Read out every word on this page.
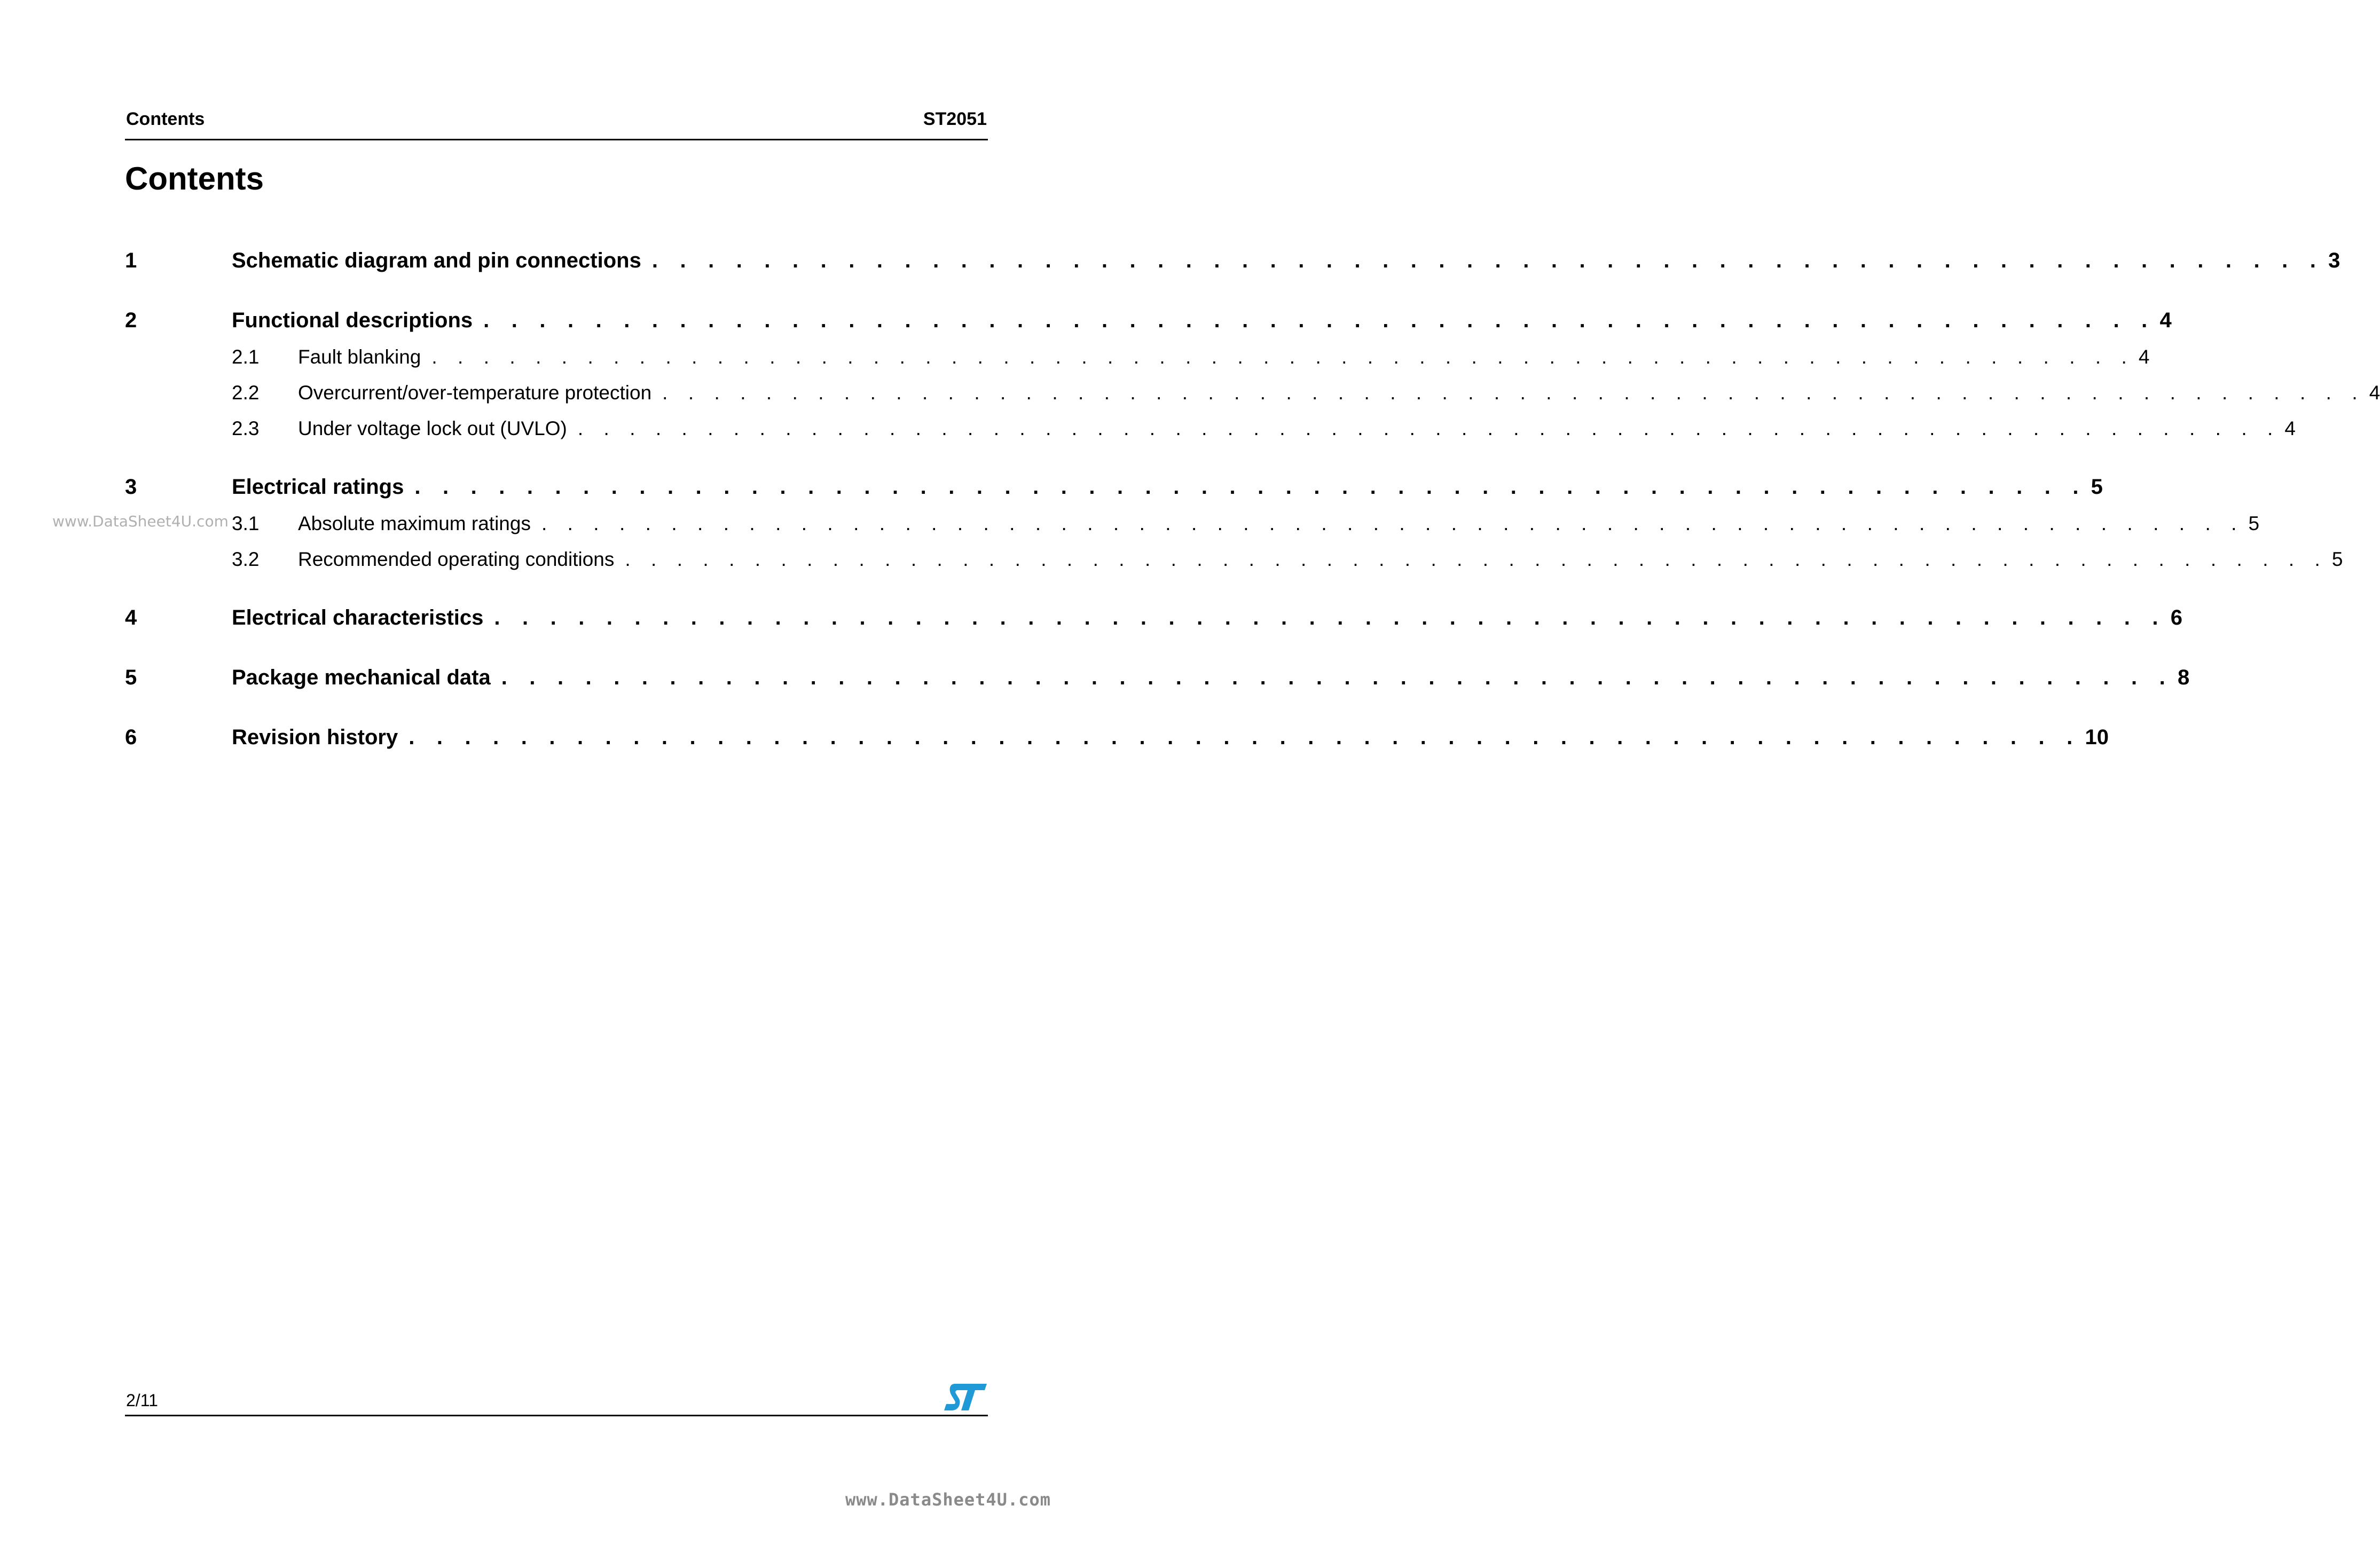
Contents	ST2051
Contents
1	Schematic diagram and pin connections . . . . . . . . . . . . . . . . . . . . . . . . . . . . . . . . . . . . . . . . . . . . . . . . . . . . . . . . . . . . 3
2	Functional descriptions . . . . . . . . . . . . . . . . . . . . . . . . . . . . . . . . . . . . . . . . . . . . . . . . . . . . . . . . . . . . 4
2.1	Fault blanking . . . . . . . . . . . . . . . . . . . . . . . . . . . . . . . . . . . . . . . . . . . . . . . . . . . . . . . . . . . . . . . . . . 4
2.2	Overcurrent/over-temperature protection . . . . . . . . . . . . . . . . . . . . . . . . . . . . . . . . . . . . . . . . . . . . . . . . . . . . . . . . . . . . . . . . . . 4
2.3	Under voltage lock out (UVLO) . . . . . . . . . . . . . . . . . . . . . . . . . . . . . . . . . . . . . . . . . . . . . . . . . . . . . . . . . . . . . . . . . . 4
3	Electrical ratings . . . . . . . . . . . . . . . . . . . . . . . . . . . . . . . . . . . . . . . . . . . . . . . . . . . . . . . . . . . . 5
3.1	Absolute maximum ratings . . . . . . . . . . . . . . . . . . . . . . . . . . . . . . . . . . . . . . . . . . . . . . . . . . . . . . . . . . . . . . . . . . 5
3.2	Recommended operating conditions . . . . . . . . . . . . . . . . . . . . . . . . . . . . . . . . . . . . . . . . . . . . . . . . . . . . . . . . . . . . . . . . . . 5
4	Electrical characteristics . . . . . . . . . . . . . . . . . . . . . . . . . . . . . . . . . . . . . . . . . . . . . . . . . . . . . . . . . . . . 6
5	Package mechanical data . . . . . . . . . . . . . . . . . . . . . . . . . . . . . . . . . . . . . . . . . . . . . . . . . . . . . . . . . . . . 8
6	Revision history . . . . . . . . . . . . . . . . . . . . . . . . . . . . . . . . . . . . . . . . . . . . . . . . . . . . . . . . . . . . 10
www.DataSheet4U.com
2/11
www.DataSheet4U.com
